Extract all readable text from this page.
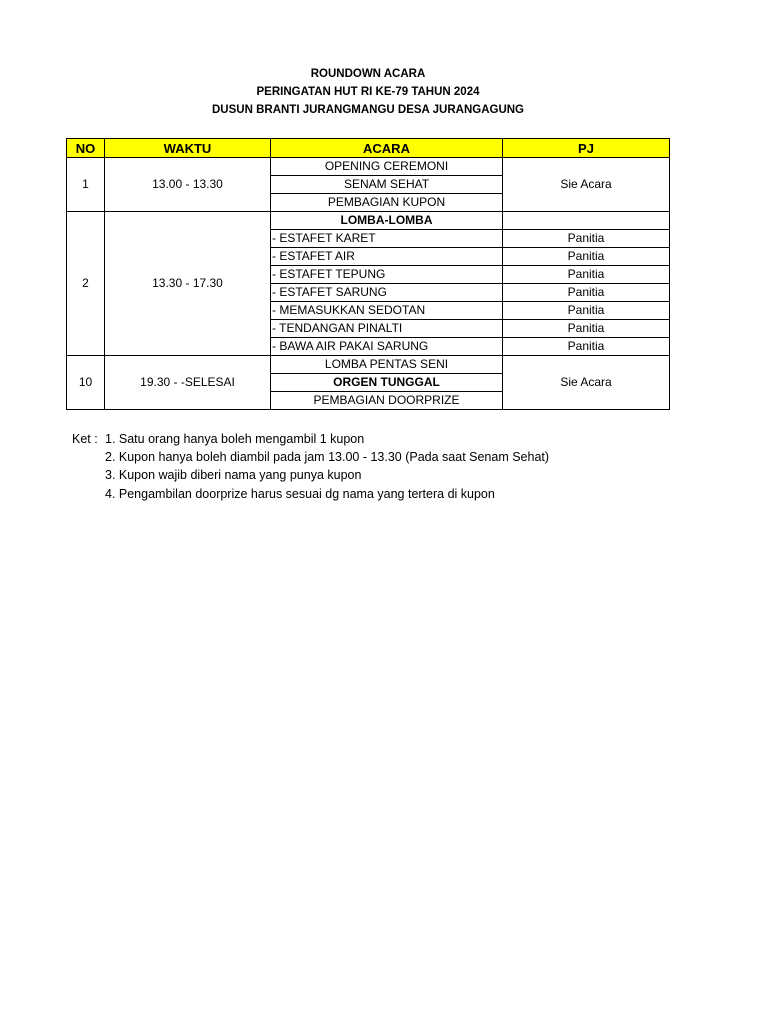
ROUNDOWN ACARA
PERINGATAN HUT RI KE-79 TAHUN 2024
DUSUN BRANTI JURANGMANGU DESA JURANGAGUNG
NO	WAKTU	ACARA	PJ
1	13.00 - 13.30	OPENING CEREMONI	Sie Acara
		SENAM SEHAT	
		PEMBAGIAN KUPON	
2	13.30 - 17.30	LOMBA-LOMBA	
		- ESTAFET KARET	Panitia
		- ESTAFET AIR	Panitia
		- ESTAFET TEPUNG	Panitia
		- ESTAFET SARUNG	Panitia
		- MEMASUKKAN SEDOTAN	Panitia
		- TENDANGAN PINALTI	Panitia
		- BAWA AIR PAKAI SARUNG	Panitia
10	19.30 - -SELESAI	LOMBA PENTAS SENI	Sie Acara
		ORGEN TUNGGAL	
		PEMBAGIAN DOORPRIZE	
Ket : 1. Satu orang hanya boleh mengambil 1 kupon
2. Kupon hanya boleh diambil pada jam 13.00 - 13.30 (Pada saat Senam Sehat)
3. Kupon wajib diberi nama yang punya kupon
4. Pengambilan doorprize harus sesuai dg nama yang tertera di kupon
